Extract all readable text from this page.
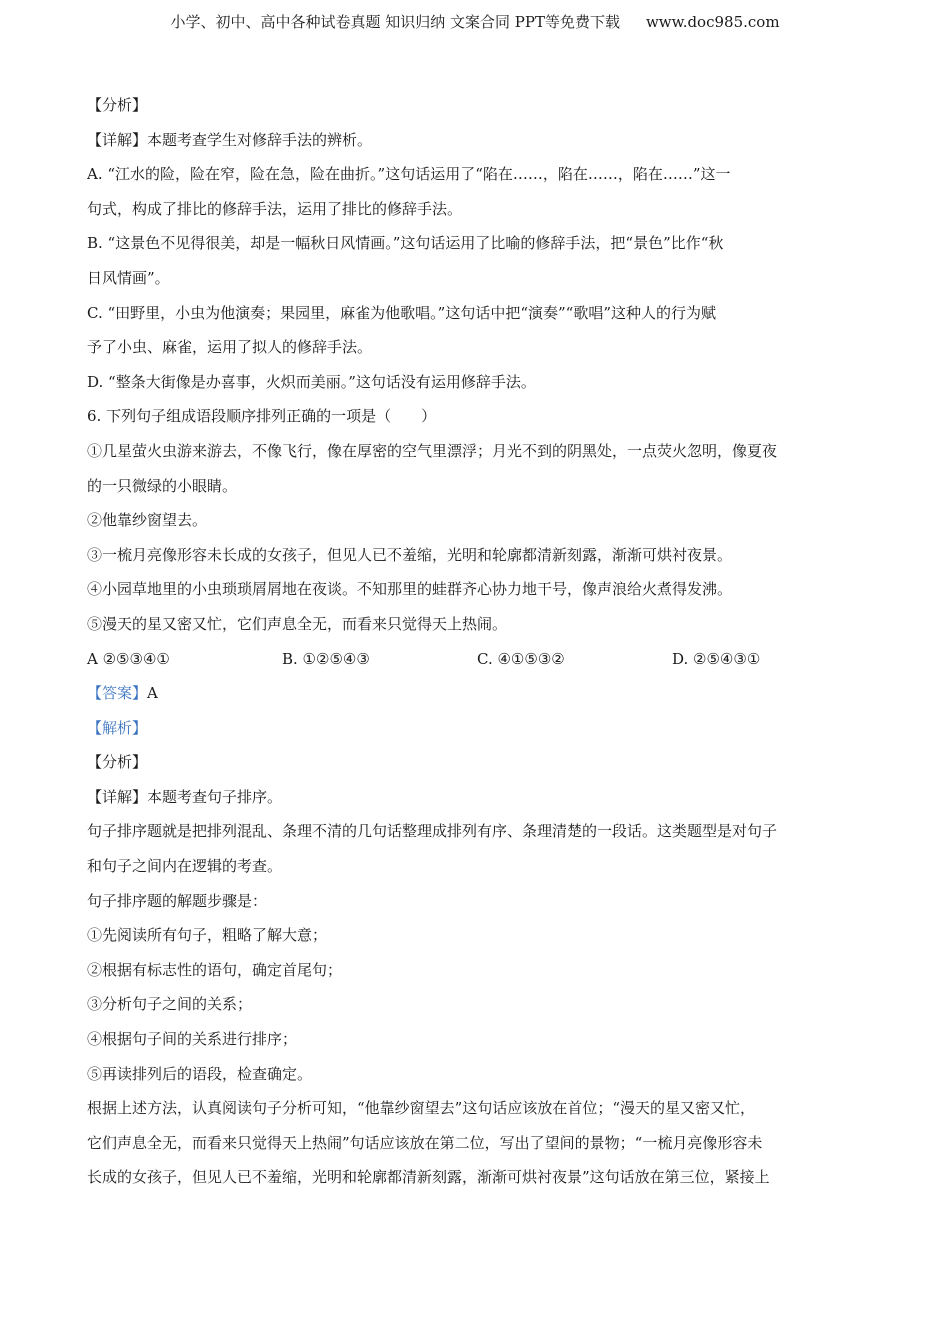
小学、初中、高中各种试卷真题 知识归纳 文案合同 PPT等免费下载 www.doc985.com
【分析】
【详解】本题考查学生对修辞手法的辨析。
A. “江水的险，险在窄，险在急，险在曲折。”这句话运用了“陷在……，陷在……，陷在……”这一
句式，构成了排比的修辞手法，运用了排比的修辞手法。
B. “这景色不见得很美，却是一幅秋日风情画。”这句话运用了比喻的修辞手法，把“景色”比作“秋
日风情画”。
C. “田野里，小虫为他演奏；果园里，麻雀为他歌唱。”这句话中把“演奏”“歌唱”这种人的行为赋
予了小虫、麻雀，运用了拟人的修辞手法。
D. “整条大街像是办喜事，火炽而美丽。”这句话没有运用修辞手法。
6. 下列句子组成语段顺序排列正确的一项是（　　）
①几星萤火虫游来游去，不像飞行，像在厚密的空气里漂浮；月光不到的阴黑处，一点荧火忽明，像夏夜
的一只微绿的小眼睛。
②他靠纱窗望去。
③一梳月亮像形容未长成的女孩子，但见人已不羞缩，光明和轮廓都清新刻露，渐渐可烘衬夜景。
④小园草地里的小虫琐琐屑屑地在夜谈。不知那里的蛙群齐心协力地干号，像声浪给火煮得发沸。
⑤漫天的星又密又忙，它们声息全无，而看来只觉得天上热闹。
A ②⑤③④①	B. ①②⑤④③	C. ④①⑤③②	D. ②⑤④③①
【答案】A
【解析】
【分析】
【详解】本题考查句子排序。
句子排序题就是把排列混乱、条理不清的几句话整理成排列有序、条理清楚的一段话。这类题型是对句子
和句子之间内在逻辑的考查。
句子排序题的解题步骤是：
①先阅读所有句子，粗略了解大意；
②根据有标志性的语句，确定首尾句；
③分析句子之间的关系；
④根据句子间的关系进行排序；
⑤再读排列后的语段，检查确定。
根据上述方法，认真阅读句子分析可知，“他靠纱窗望去”这句话应该放在首位；“漫天的星又密又忙，
它们声息全无，而看来只觉得天上热闹”句话应该放在第二位，写出了望间的景物；“一梳月亮像形容未
长成的女孩子，但见人已不羞缩，光明和轮廓都清新刻露，渐渐可烘衬夜景”这句话放在第三位，紧接上
